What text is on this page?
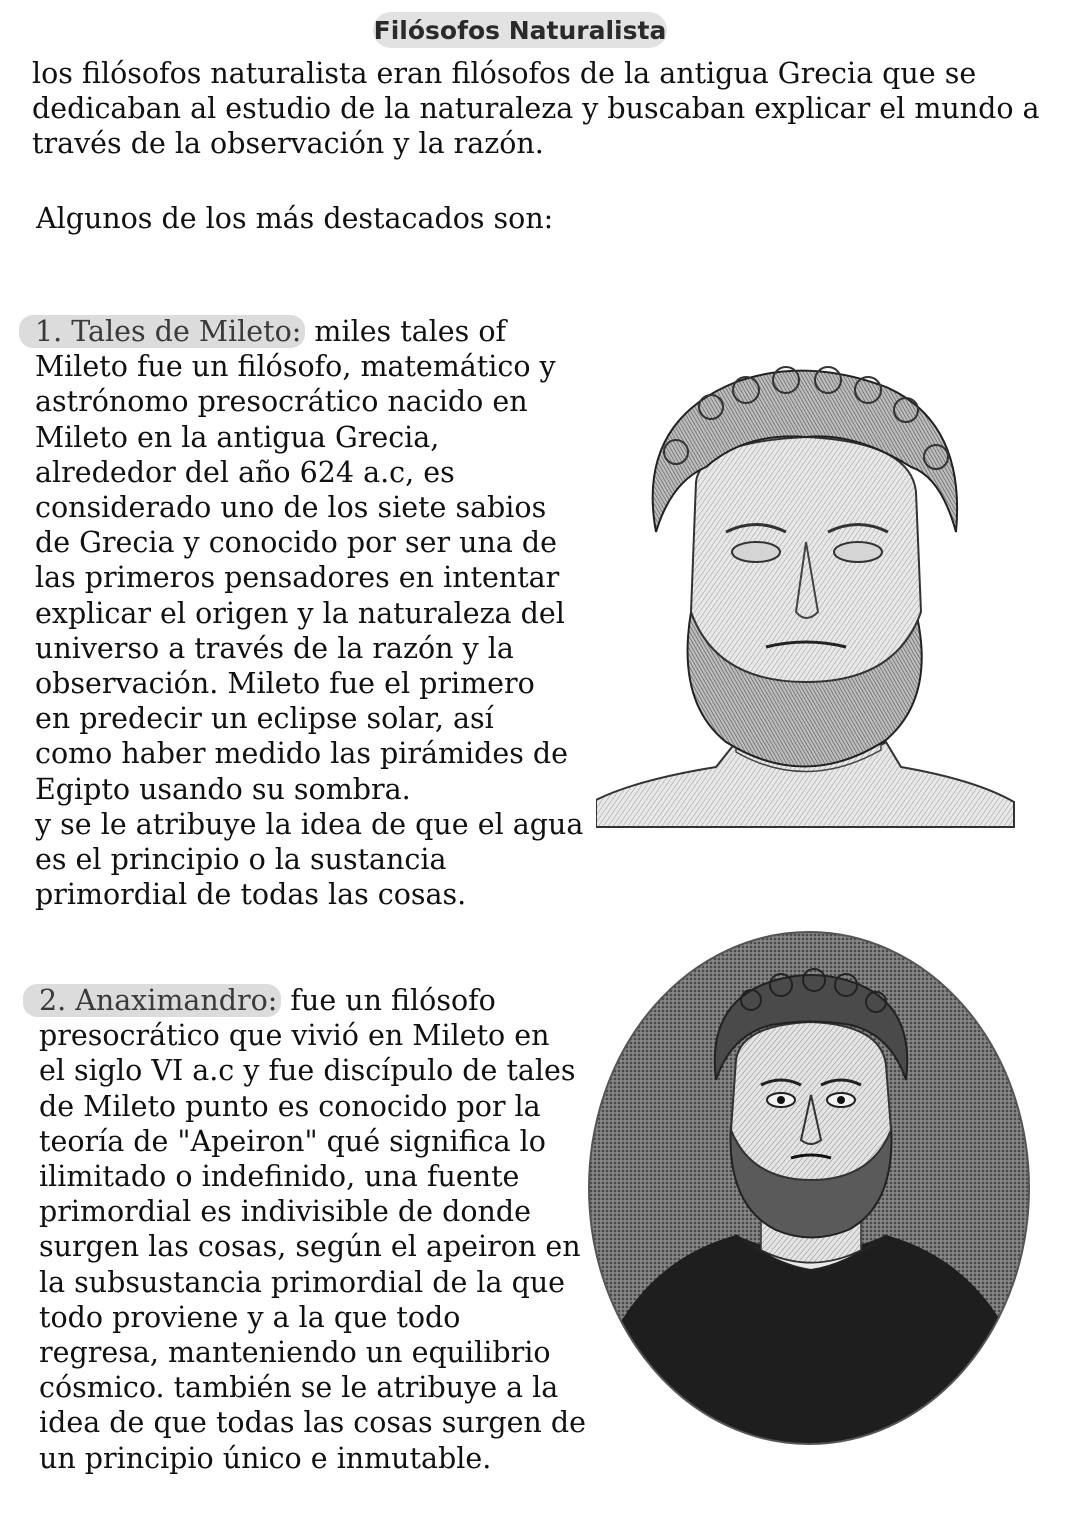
Filósofos Naturalista

los filósofos naturalista eran filósofos de la antigua Grecia que se
dedicaban al estudio de la naturaleza y buscaban explicar el mundo a
través de la observación y la razón.

Algunos de los más destacados son:

1. Tales de Mileto: miles tales of
Mileto fue un filósofo, matemático y
astrónomo presocrático nacido en
Mileto en la antigua Grecia,
alrededor del año 624 a.c, es
considerado uno de los siete sabios
de Grecia y conocido por ser una de
las primeros pensadores en intentar
explicar el origen y la naturaleza del
universo a través de la razón y la
observación. Mileto fue el primero
en predecir un eclipse solar, así
como haber medido las pirámides de
Egipto usando su sombra.
y se le atribuye la idea de que el agua
es el principio o la sustancia
primordial de todas las cosas.
2. Anaximandro: fue un filósofo
presocrático que vivió en Mileto en
el siglo VI a.c y fue discípulo de tales
de Mileto punto es conocido por la
teoría de "Apeiron" qué significa lo
ilimitado o indefinido, una fuente
primordial es indivisible de donde
surgen las cosas, según el apeiron en
la subsustancia primordial de la que
todo proviene y a la que todo
regresa, manteniendo un equilibrio
cósmico. también se le atribuye a la
idea de que todas las cosas surgen de
un principio único e inmutable.
